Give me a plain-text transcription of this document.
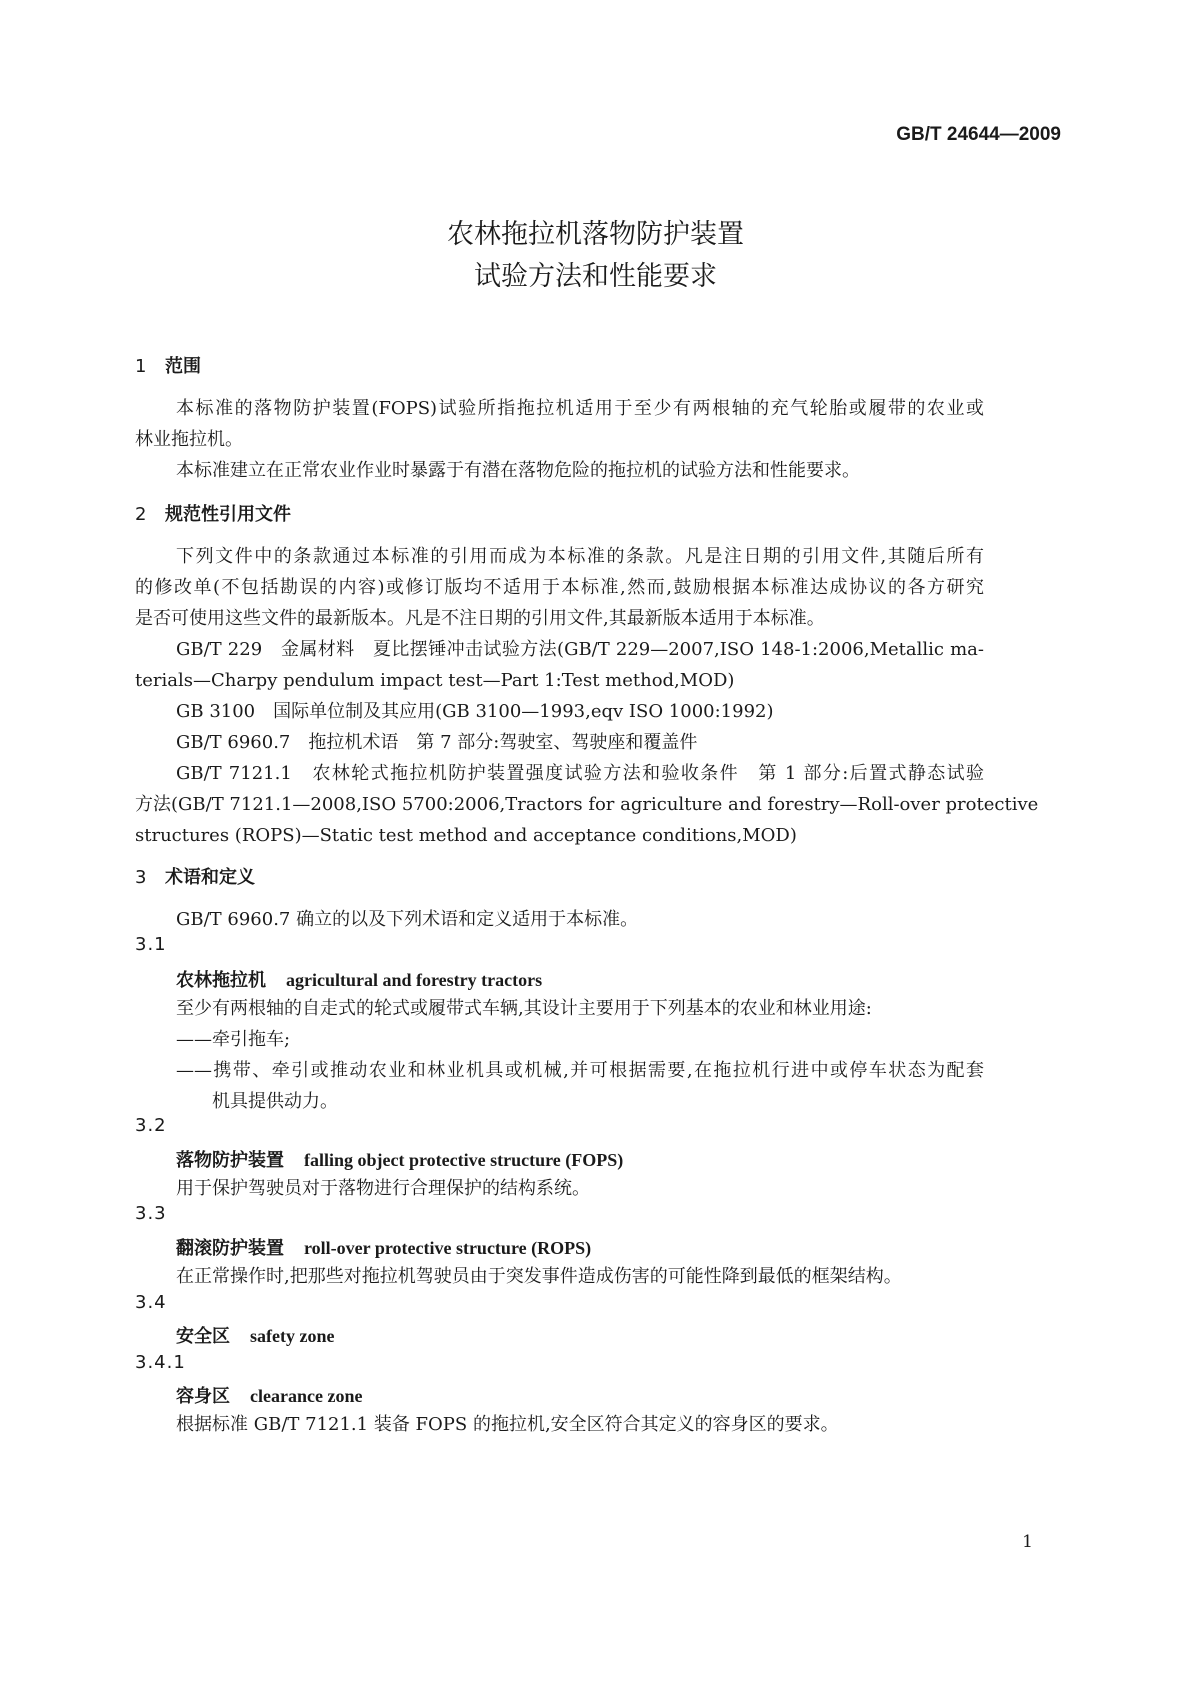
GB/T 24644—2009
农林拖拉机落物防护装置
试验方法和性能要求
1 范围
本标准的落物防护装置(FOPS)试验所指拖拉机适用于至少有两根轴的充气轮胎或履带的农业或
林业拖拉机。
本标准建立在正常农业作业时暴露于有潜在落物危险的拖拉机的试验方法和性能要求。
2 规范性引用文件
下列文件中的条款通过本标准的引用而成为本标准的条款。凡是注日期的引用文件,其随后所有
的修改单(不包括勘误的内容)或修订版均不适用于本标准,然而,鼓励根据本标准达成协议的各方研究
是否可使用这些文件的最新版本。凡是不注日期的引用文件,其最新版本适用于本标准。
GB/T 229　金属材料　夏比摆锤冲击试验方法(GB/T 229—2007,ISO 148-1:2006,Metallic ma-
terials—Charpy pendulum impact test—Part 1:Test method,MOD)
GB 3100　国际单位制及其应用(GB 3100—1993,eqv ISO 1000:1992)
GB/T 6960.7　拖拉机术语　第 7 部分:驾驶室、驾驶座和覆盖件
GB/T 7121.1　农林轮式拖拉机防护装置强度试验方法和验收条件　第 1 部分:后置式静态试验
方法(GB/T 7121.1—2008,ISO 5700:2006,Tractors for agriculture and forestry—Roll-over protective
structures (ROPS)—Static test method and acceptance conditions,MOD)
3 术语和定义
GB/T 6960.7 确立的以及下列术语和定义适用于本标准。
3.1
农林拖拉机 agricultural and forestry tractors
至少有两根轴的自走式的轮式或履带式车辆,其设计主要用于下列基本的农业和林业用途:
——牵引拖车;
——携带、牵引或推动农业和林业机具或机械,并可根据需要,在拖拉机行进中或停车状态为配套
机具提供动力。
3.2
落物防护装置 falling object protective structure (FOPS)
用于保护驾驶员对于落物进行合理保护的结构系统。
3.3
翻滚防护装置 roll-over protective structure (ROPS)
在正常操作时,把那些对拖拉机驾驶员由于突发事件造成伤害的可能性降到最低的框架结构。
3.4
安全区 safety zone
3.4.1
容身区 clearance zone
根据标准 GB/T 7121.1 装备 FOPS 的拖拉机,安全区符合其定义的容身区的要求。
1
